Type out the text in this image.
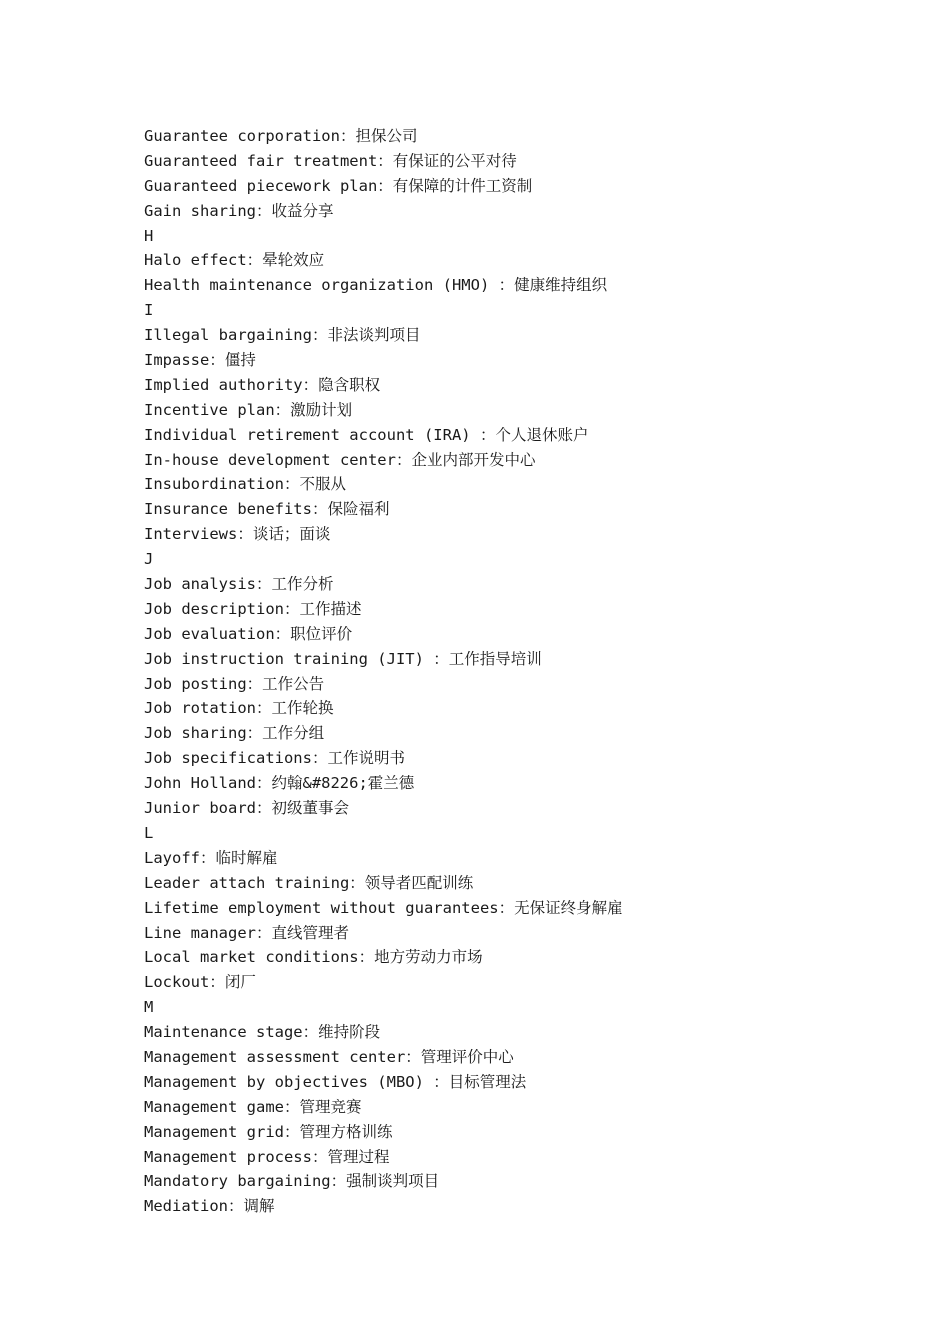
Guarantee corporation：担保公司
Guaranteed fair treatment：有保证的公平对待
Guaranteed piecework plan：有保障的计件工资制
Gain sharing：收益分享
H
Halo effect：晕轮效应
Health maintenance organization (HMO) ：健康维持组织
I
Illegal bargaining：非法谈判项目
Impasse：僵持
Implied authority：隐含职权
Incentive plan：激励计划
Individual retirement account (IRA) ：个人退休账户
In-house development center：企业内部开发中心
Insubordination：不服从
Insurance benefits：保险福利
Interviews：谈话；面谈
J
Job analysis：工作分析
Job description：工作描述
Job evaluation：职位评价
Job instruction training (JIT) ：工作指导培训
Job posting：工作公告
Job rotation：工作轮换
Job sharing：工作分组
Job specifications：工作说明书
John Holland：约翰&#8226;霍兰德
Junior board：初级董事会
L
Layoff：临时解雇
Leader attach training：领导者匹配训练
Lifetime employment without guarantees：无保证终身解雇
Line manager：直线管理者
Local market conditions：地方劳动力市场
Lockout：闭厂
M
Maintenance stage：维持阶段
Management assessment center：管理评价中心
Management by objectives (MBO) ：目标管理法
Management game：管理竞赛
Management grid：管理方格训练
Management process：管理过程
Mandatory bargaining：强制谈判项目
Mediation：调解
